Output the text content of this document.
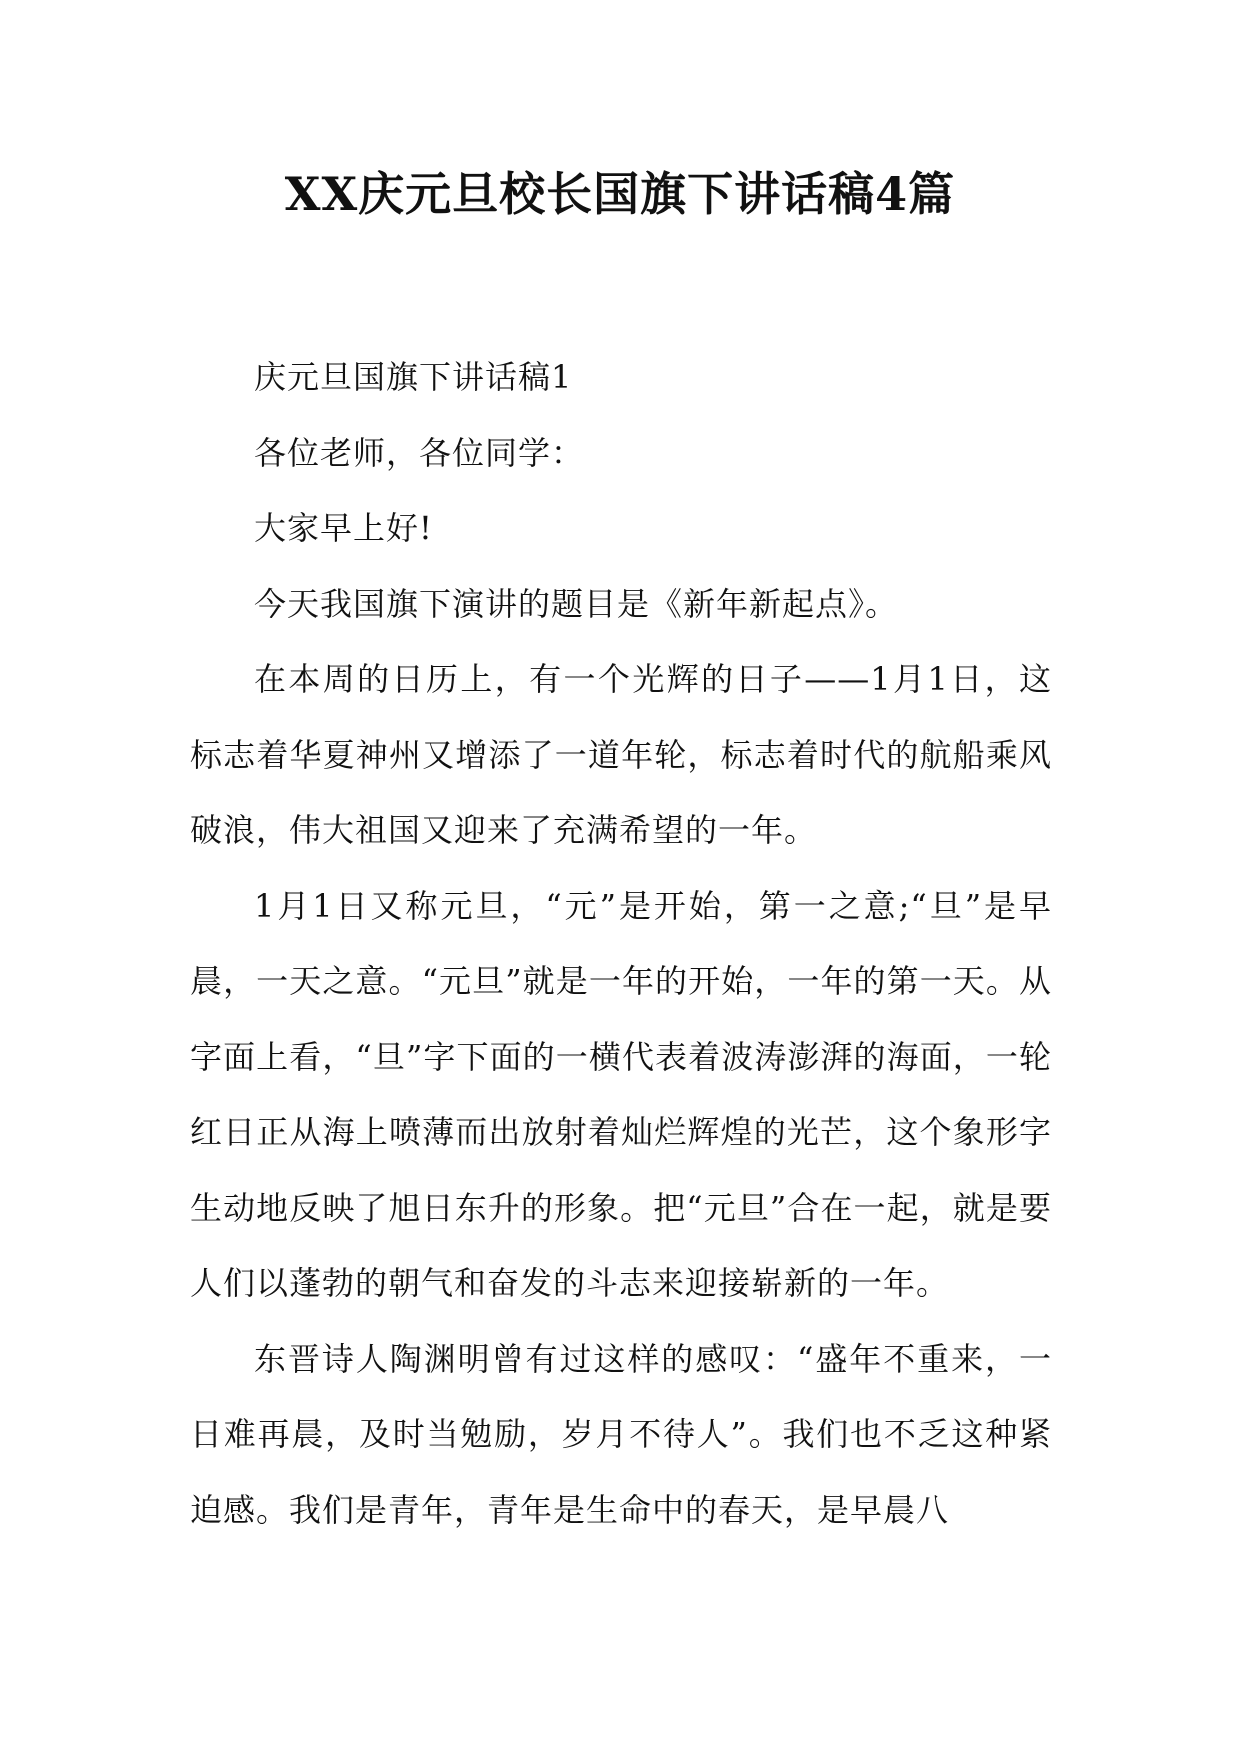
XX庆元旦校长国旗下讲话稿4篇

庆元旦国旗下讲话稿1

各位老师，各位同学：

大家早上好!

今天我国旗下演讲的题目是《新年新起点》。

在本周的日历上，有一个光辉的日子——1月1日，这标志着华夏神州又增添了一道年轮，标志着时代的航船乘风破浪，伟大祖国又迎来了充满希望的一年。

1月1日又称元旦，“元”是开始，第一之意;“旦”是早晨，一天之意。“元旦”就是一年的开始，一年的第一天。从字面上看，“旦”字下面的一横代表着波涛澎湃的海面，一轮红日正从海上喷薄而出放射着灿烂辉煌的光芒，这个象形字生动地反映了旭日东升的形象。把“元旦”合在一起，就是要人们以蓬勃的朝气和奋发的斗志来迎接崭新的一年。

东晋诗人陶渊明曾有过这样的感叹：“盛年不重来，一日难再晨，及时当勉励，岁月不待人”。我们也不乏这种紧迫感。我们是青年，青年是生命中的春天，是早晨八
